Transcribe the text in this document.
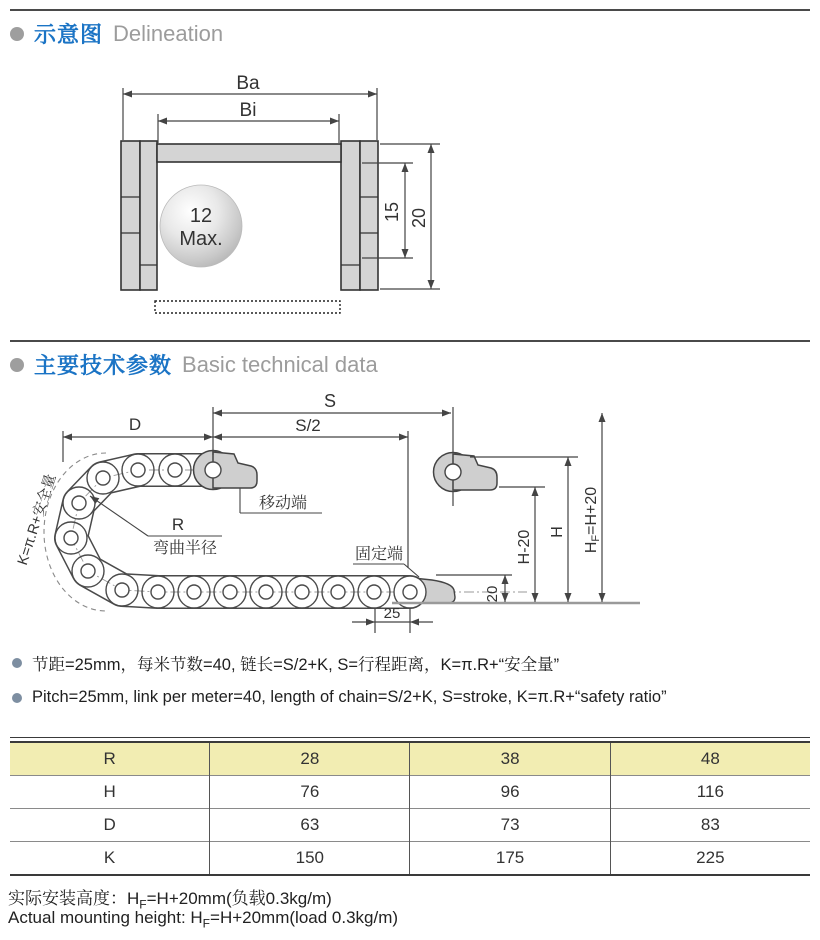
示意图 Delineation
12
Max.
Ba
Bi
15 20
主要技术参数 Basic technical data
S
S/2
D
R
弯曲半径
移动端
固定端
K=π.R+安全量	H-20 H
HF=H+20
20
25
节距=25mm，每米节数=40, 链长=S/2+K, S=行程距离，K=π.R+“安全量”
Pitch=25mm, link per meter=40, length of chain=S/2+K, S=stroke, K=π.R+“safety ratio”
R	28	38	48
H	76	96	116
D	63	73	83
K	150	175	225
实际安装高度：$H_F=H+20mm$(负载0.3kg/m)
Actual mounting height: $H_F=H+20mm(load$ 0.3kg/m)
